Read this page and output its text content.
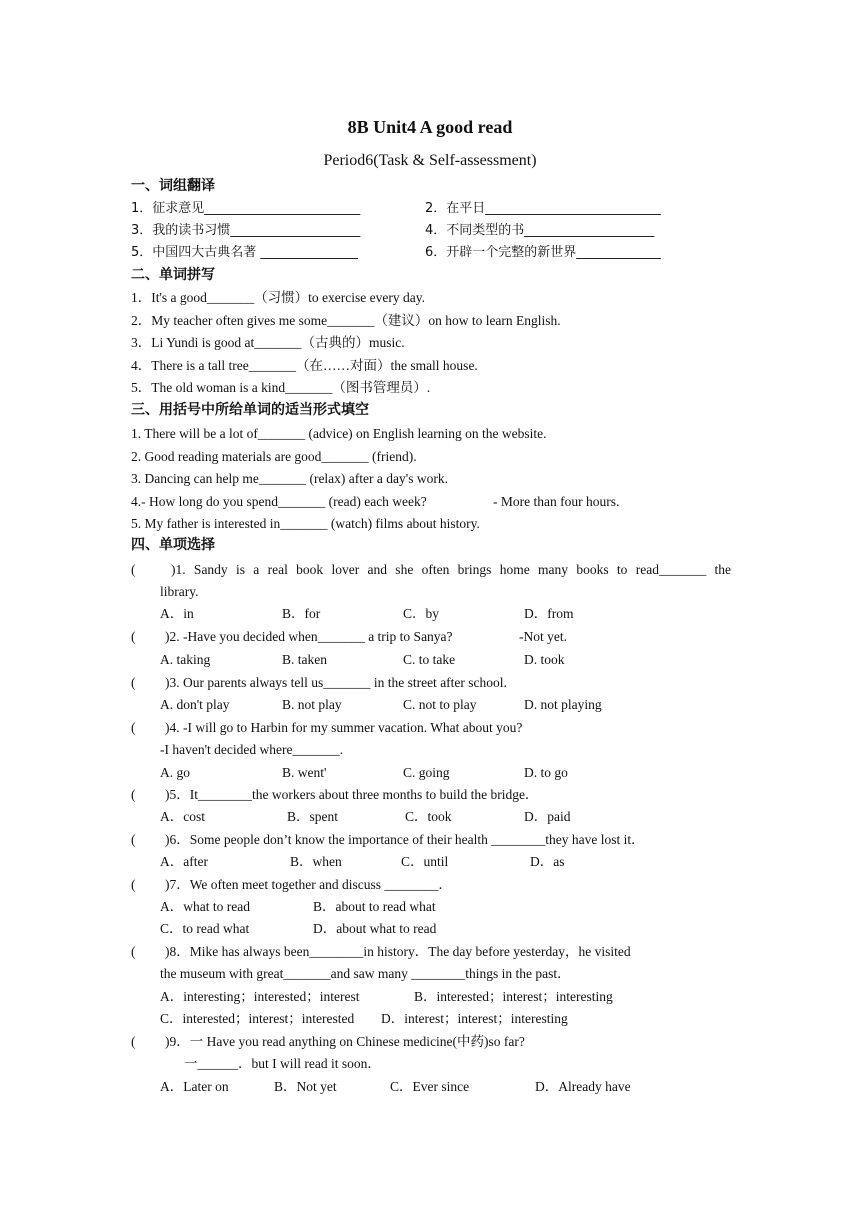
8B Unit4 A good read
Period6(Task & Self-assessment)
一、词组翻译
1．征求意见________________________	2．在平日___________________________
3．我的读书习惯____________________	4．不同类型的书____________________
5．中国四大古典名著 _______________	6．开辟一个完整的新世界_____________
二、单词拼写
1．It's a good_______（习惯）to exercise every day.
2．My teacher often gives me some_______（建议）on how to learn English.
3．Li Yundi is good at_______（古典的）music.
4．There is a tall tree_______（在……对面）the small house.
5．The old woman is a kind_______（图书管理员）.
三、用括号中所给单词的适当形式填空
1. There will be a lot of_______ (advice) on English learning on the website.
2. Good reading materials are good_______ (friend).
3. Dancing can help me_______ (relax) after a day's work.
4.- How long do you spend_______ (read) each week?	- More than four hours.
5. My father is interested in_______ (watch) films about history.
四、单项选择
(	)1. Sandy is a real book lover and she often brings home many books to read_______ the
library.
A．in	B．for	C．by	D．from
( )2. -Have you decided when_______ a trip to Sanya?	-Not yet.
A. taking	B. taken	C. to take	D. took
( )3. Our parents always tell us_______ in the street after school.
A. don't play	B. not play	C. not to play	D. not playing
( )4. -I will go to Harbin for my summer vacation. What about you?
-I haven't decided where_______.
A. go	B. went'	C. going	D. to go
( )5．It________the workers about three months to build the bridge．
A．cost	B．spent	C．took	D．paid
( )6．Some people don’t know the importance of their health ________they have lost it．
A．after	B．when	C．until	D．as
( )7．We often meet together and discuss ________．
A．what to read	B．about to read what
C．to read what	D．about what to read
( )8．Mike has always been________in history．The day before yesterday，he visited
the museum with great_______and saw many ________things in the past．
A．interesting；interested；interest	B．interested；interest；interesting
C．interested；interest；interested D．interest；interest；interesting
( )9．一 Have you read anything on Chinese medicine(中药)so far?
一______．but I will read it soon．
A．Later on	B．Not yet	C．Ever since	D．Already have
